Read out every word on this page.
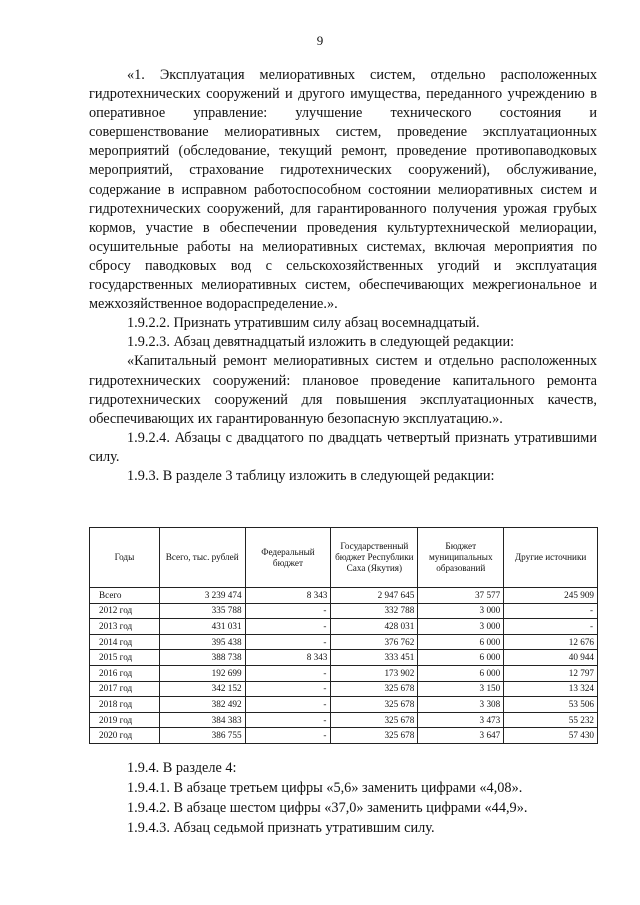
9

«1. Эксплуатация мелиоративных систем, отдельно расположенных гидротехнических сооружений и другого имущества, переданного учреждению в оперативное управление: улучшение технического состояния и совершенствование мелиоративных систем, проведение эксплуатационных мероприятий (обследование, текущий ремонт, проведение противопаводковых мероприятий, страхование гидротехнических сооружений), обслуживание, содержание в исправном работоспособном состоянии мелиоративных систем и гидротехнических сооружений, для гарантированного получения урожая грубых кормов, участие в обеспечении проведения культуртехнической мелиорации, осушительные работы на мелиоративных системах, включая мероприятия по сбросу паводковых вод с сельскохозяйственных угодий и эксплуатация государственных мелиоративных систем, обеспечивающих межрегиональное и межхозяйственное водораспределение.».

1.9.2.2. Признать утратившим силу абзац восемнадцатый.

1.9.2.3. Абзац девятнадцатый изложить в следующей редакции:

«Капитальный ремонт мелиоративных систем и отдельно расположенных гидротехнических сооружений: плановое проведение капитального ремонта гидротехнических сооружений для повышения эксплуатационных качеств, обеспечивающих их гарантированную безопасную эксплуатацию.».

1.9.2.4. Абзацы с двадцатого по двадцать четвертый признать утратившими силу.

1.9.3. В разделе 3 таблицу изложить в следующей редакции:

Годы	Всего, тыс. рублей	Федеральный бюджет	Государственный бюджет Республики Саха (Якутия)	Бюджет муниципальных образований	Другие источники
Всего	3 239 474	8 343	2 947 645	37 577	245 909
2012 год	335 788	-	332 788	3 000	-
2013 год	431 031	-	428 031	3 000	-
2014 год	395 438	-	376 762	6 000	12 676
2015 год	388 738	8 343	333 451	6 000	40 944
2016 год	192 699	-	173 902	6 000	12 797
2017 год	342 152	-	325 678	3 150	13 324
2018 год	382 492	-	325 678	3 308	53 506
2019 год	384 383	-	325 678	3 473	55 232
2020 год	386 755	-	325 678	3 647	57 430

1.9.4. В разделе 4:

1.9.4.1. В абзаце третьем цифры «5,6» заменить цифрами «4,08».

1.9.4.2. В абзаце шестом цифры «37,0» заменить цифрами «44,9».

1.9.4.3. Абзац седьмой признать утратившим силу.
